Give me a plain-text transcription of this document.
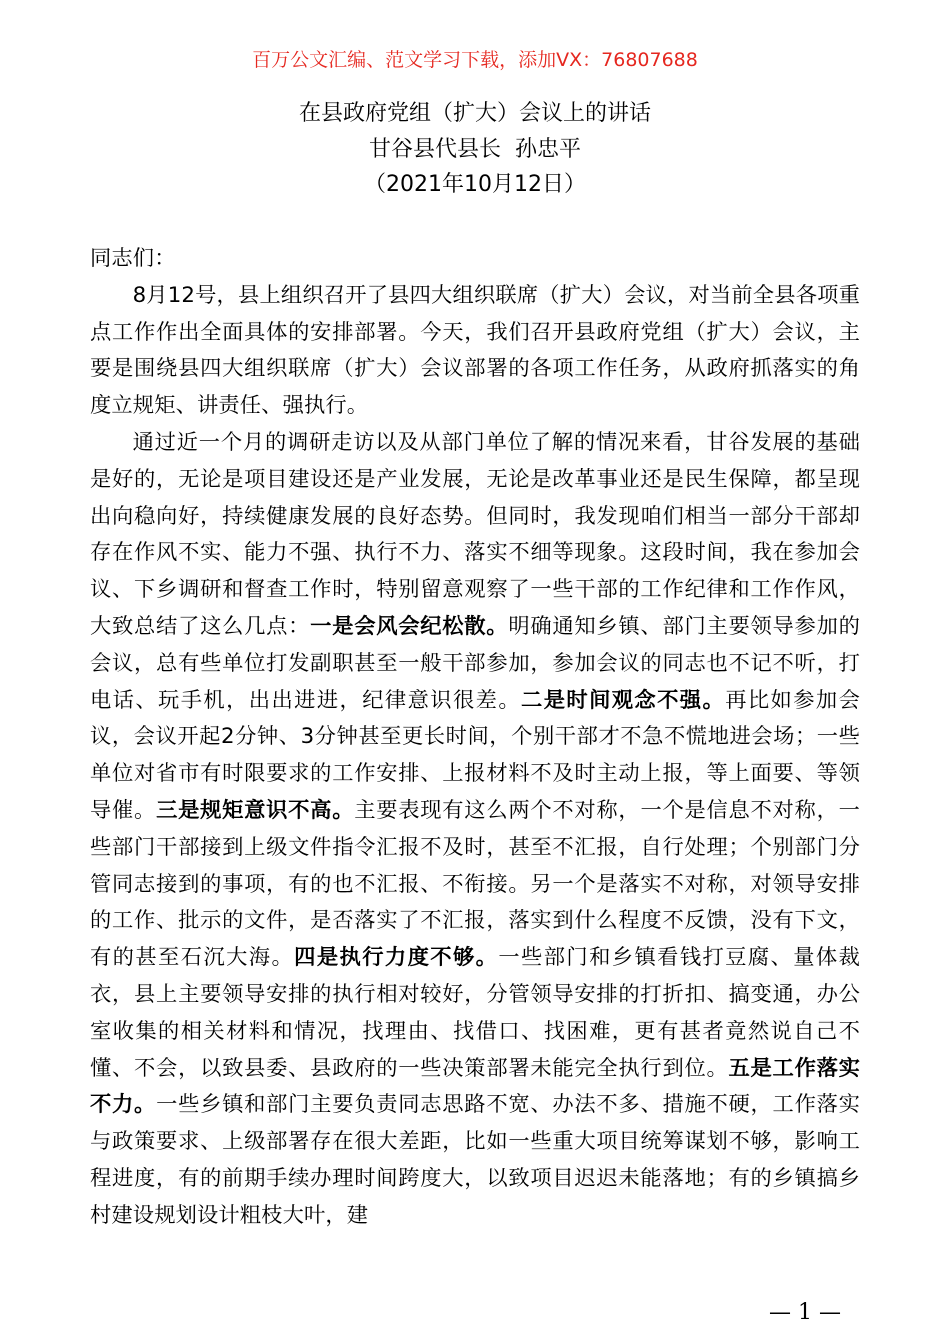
百万公文汇编、范文学习下载，添加VX：76807688
在县政府党组（扩大）会议上的讲话
甘谷县代县长  孙忠平
（2021年10月12日）

同志们：

8月12号，县上组织召开了县四大组织联席（扩大）会议，对当前全县各项重点工作作出全面具体的安排部署。今天，我们召开县政府党组（扩大）会议，主要是围绕县四大组织联席（扩大）会议部署的各项工作任务，从政府抓落实的角度立规矩、讲责任、强执行。

通过近一个月的调研走访以及从部门单位了解的情况来看，甘谷发展的基础是好的，无论是项目建设还是产业发展，无论是改革事业还是民生保障，都呈现出向稳向好，持续健康发展的良好态势。但同时，我发现咱们相当一部分干部却存在作风不实、能力不强、执行不力、落实不细等现象。这段时间，我在参加会议、下乡调研和督查工作时，特别留意观察了一些干部的工作纪律和工作作风，大致总结了这么几点：一是会风会纪松散。明确通知乡镇、部门主要领导参加的会议，总有些单位打发副职甚至一般干部参加，参加会议的同志也不记不听，打电话、玩手机，出出进进，纪律意识很差。二是时间观念不强。再比如参加会议，会议开起2分钟、3分钟甚至更长时间，个别干部才不急不慌地进会场；一些单位对省市有时限要求的工作安排、上报材料不及时主动上报，等上面要、等领导催。三是规矩意识不高。主要表现有这么两个不对称，一个是信息不对称，一些部门干部接到上级文件指令汇报不及时，甚至不汇报，自行处理；个别部门分管同志接到的事项，有的也不汇报、不衔接。另一个是落实不对称，对领导安排的工作、批示的文件，是否落实了不汇报，落实到什么程度不反馈，没有下文，有的甚至石沉大海。四是执行力度不够。一些部门和乡镇看钱打豆腐、量体裁衣，县上主要领导安排的执行相对较好，分管领导安排的打折扣、搞变通，办公室收集的相关材料和情况，找理由、找借口、找困难，更有甚者竟然说自己不懂、不会，以致县委、县政府的一些决策部署未能完全执行到位。五是工作落实不力。一些乡镇和部门主要负责同志思路不宽、办法不多、措施不硬，工作落实与政策要求、上级部署存在很大差距，比如一些重大项目统筹谋划不够，影响工程进度，有的前期手续办理时间跨度大，以致项目迟迟未能落地；有的乡镇搞乡村建设规划设计粗枝大叶，建

— 1 —
